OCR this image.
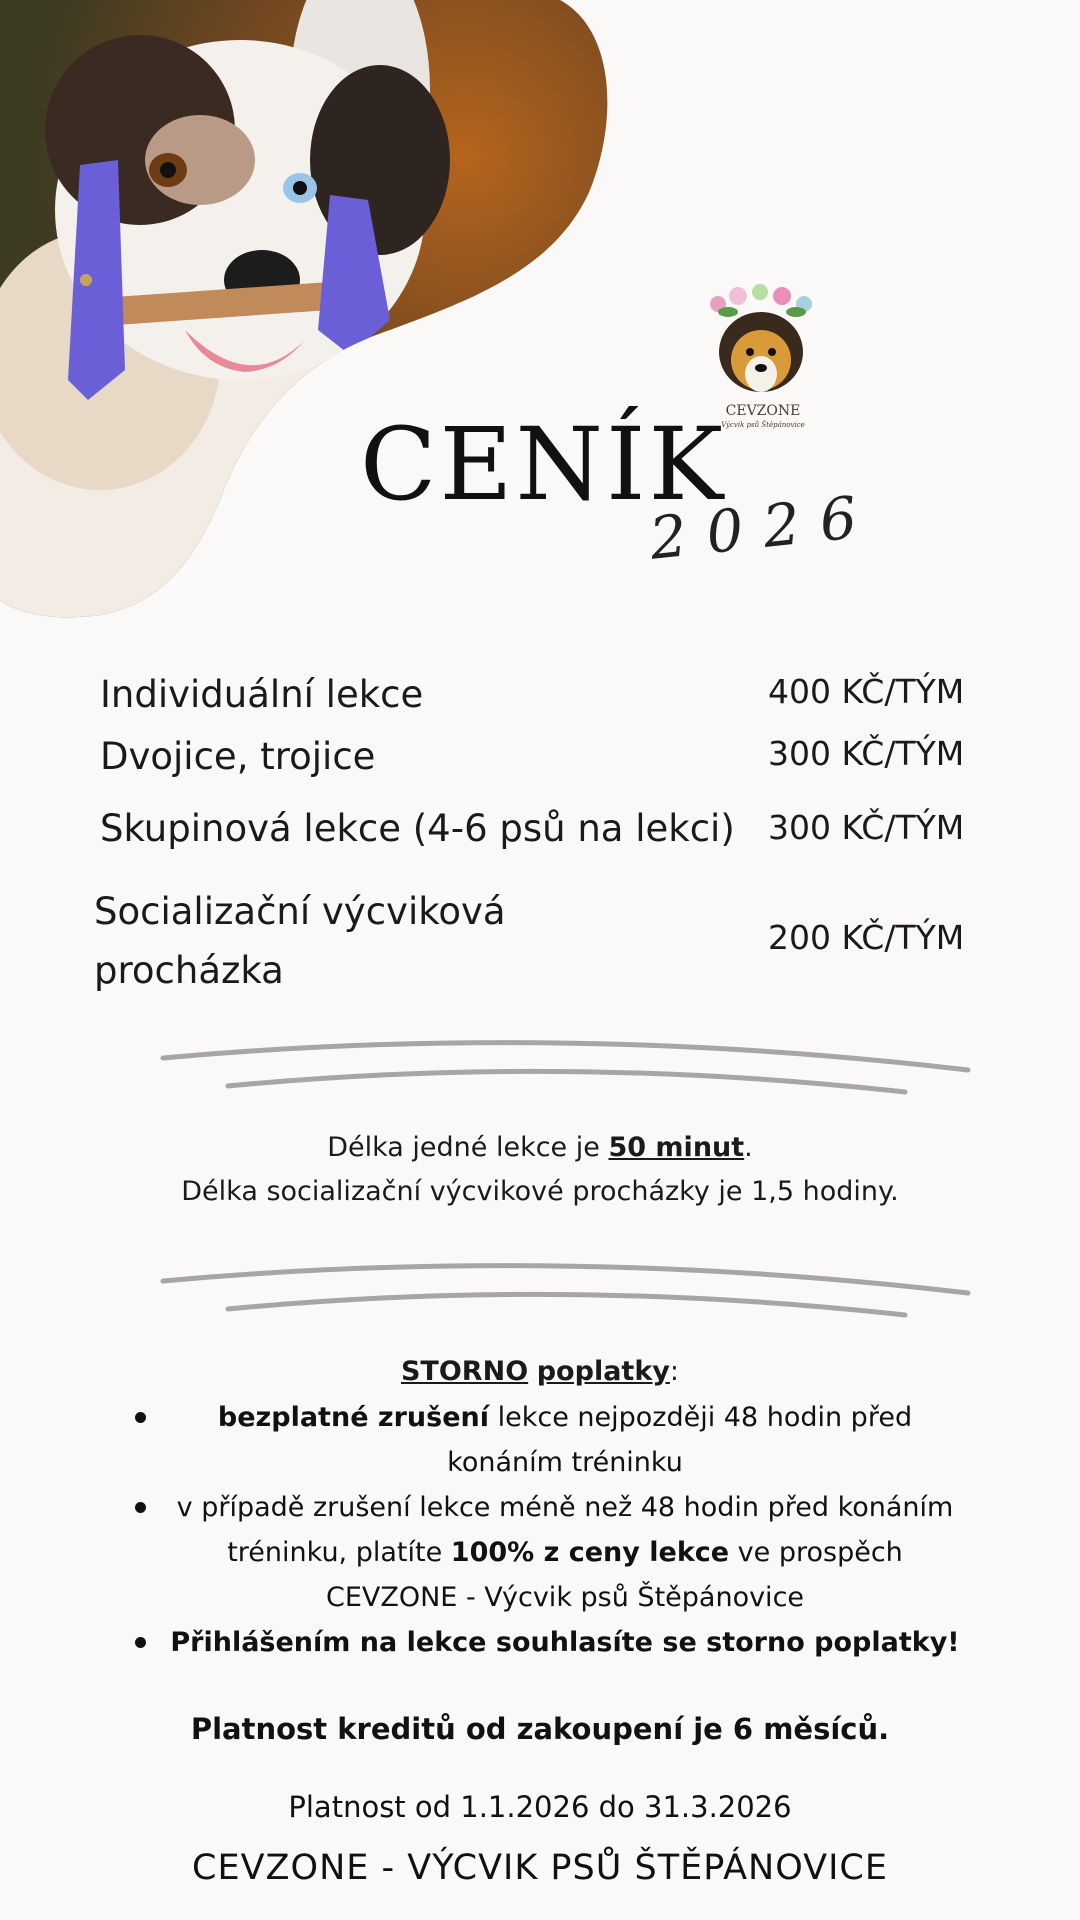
CEVZONE
Výcvik psů Štěpánovice
CENÍK
2026
Individuální lekce	400 KČ/TÝM
Dvojice, trojice	300 KČ/TÝM
Skupinová lekce (4-6 psů na lekci) 300 KČ/TÝM
Socializační výcviková
procházka
200 KČ/TÝM
Délka jedné lekce je 50 minut.
Délka socializační výcvikové procházky je 1,5 hodiny.
STORNO poplatky:
bezplatné zrušení lekce nejpozději 48 hodin před konáním tréninku
v případě zrušení lekce méně než 48 hodin před konáním tréninku, platíte 100% z ceny lekce ve prospěch CEVZONE - Výcvik psů Štěpánovice
Přihlášením na lekce souhlasíte se storno poplatky!
Platnost kreditů od zakoupení je 6 měsíců.
Platnost od 1.1.2026 do 31.3.2026
CEVZONE - VÝCVIK PSŮ ŠTĚPÁNOVICE
